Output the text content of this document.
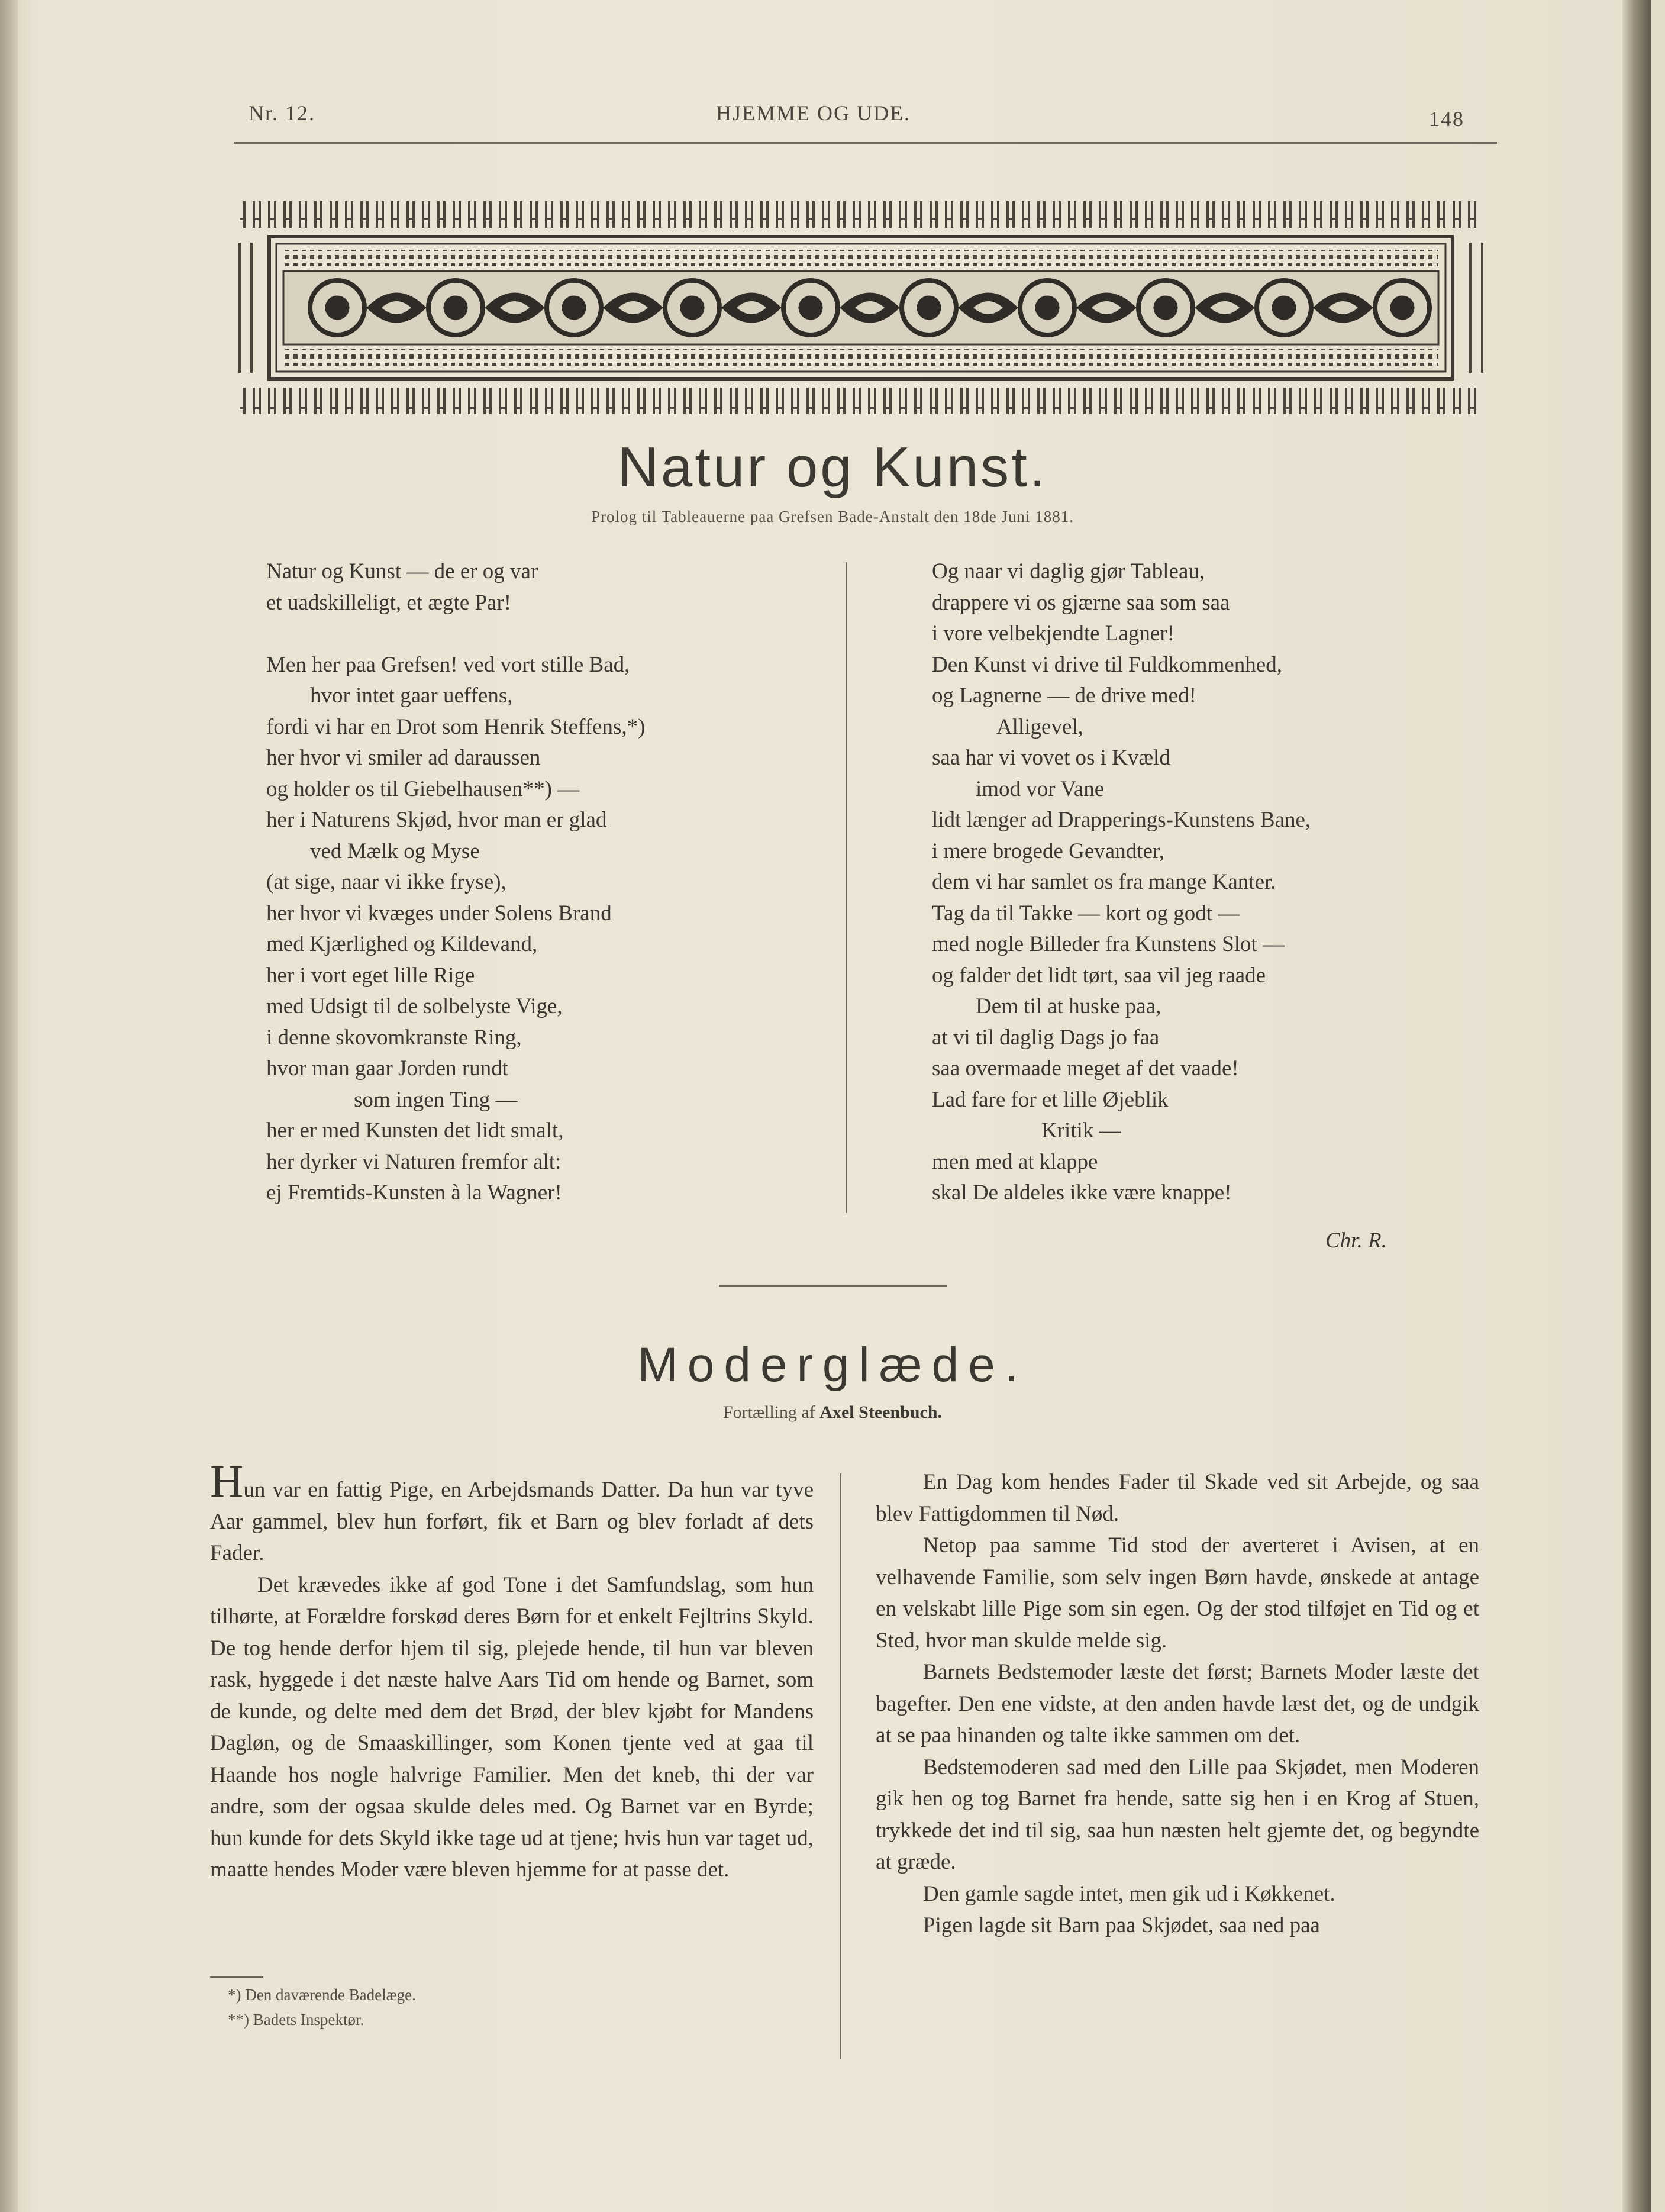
Nr. 12.	HJEMME OG UDE.	148
Natur og Kunst.
Prolog til Tableauerne paa Grefsen Bade-Anstalt den 18de Juni 1881.
Natur og Kunst — de er og var
et uadskilleligt, et ægte Par!
Men her paa Grefsen! ved vort stille Bad,
hvor intet gaar ueffens,
fordi vi har en Drot som Henrik Steffens,*)
her hvor vi smiler ad daraussen
og holder os til Giebelhausen**) —
her i Naturens Skjød, hvor man er glad
ved Mælk og Myse
(at sige, naar vi ikke fryse),
her hvor vi kvæges under Solens Brand
med Kjærlighed og Kildevand,
her i vort eget lille Rige
med Udsigt til de solbelyste Vige,
i denne skovomkranste Ring,
hvor man gaar Jorden rundt
som ingen Ting —
her er med Kunsten det lidt smalt,
her dyrker vi Naturen fremfor alt:
ej Fremtids-Kunsten à la Wagner!
Og naar vi daglig gjør Tableau,
drappere vi os gjærne saa som saa
i vore velbekjendte Lagner!
Den Kunst vi drive til Fuldkommenhed,
og Lagnerne — de drive med!
Alligevel,
saa har vi vovet os i Kvæld
imod vor Vane
lidt længer ad Drapperings-Kunstens Bane,
i mere brogede Gevandter,
dem vi har samlet os fra mange Kanter.
Tag da til Takke — kort og godt —
med nogle Billeder fra Kunstens Slot —
og falder det lidt tørt, saa vil jeg raade
Dem til at huske paa,
at vi til daglig Dags jo faa
saa overmaade meget af det vaade!
Lad fare for et lille Øjeblik
Kritik —
men med at klappe
skal De aldeles ikke være knappe!
Chr. R.
Moderglæde.
Fortælling af Axel Steenbuch.

Hun var en fattig Pige, en Arbejdsmands Datter. Da hun var tyve Aar gammel, blev hun forført, fik et Barn og blev forladt af dets Fader.

Det krævedes ikke af god Tone i det Samfundslag, som hun tilhørte, at Forældre forskød deres Børn for et enkelt Fejltrins Skyld. De tog hende derfor hjem til sig, plejede hende, til hun var bleven rask, hyggede i det næste halve Aars Tid om hende og Barnet, som de kunde, og delte med dem det Brød, der blev kjøbt for Mandens Dagløn, og de Smaaskillinger, som Konen tjente ved at gaa til Haande hos nogle halvrige Familier. Men det kneb, thi der var andre, som der ogsaa skulde deles med. Og Barnet var en Byrde; hun kunde for dets Skyld ikke tage ud at tjene; hvis hun var taget ud, maatte hendes Moder være bleven hjemme for at passe det.

En Dag kom hendes Fader til Skade ved sit Arbejde, og saa blev Fattigdommen til Nød.

Netop paa samme Tid stod der averteret i Avisen, at en velhavende Familie, som selv ingen Børn havde, ønskede at antage en velskabt lille Pige som sin egen. Og der stod tilføjet en Tid og et Sted, hvor man skulde melde sig.

Barnets Bedstemoder læste det først; Barnets Moder læste det bagefter. Den ene vidste, at den anden havde læst det, og de undgik at se paa hinanden og talte ikke sammen om det.

Bedstemoderen sad med den Lille paa Skjødet, men Moderen gik hen og tog Barnet fra hende, satte sig hen i en Krog af Stuen, trykkede det ind til sig, saa hun næsten helt gjemte det, og begyndte at græde.

Den gamle sagde intet, men gik ud i Køkkenet.

Pigen lagde sit Barn paa Skjødet, saa ned paa

*) Den daværende Badelæge.
**) Badets Inspektør.
